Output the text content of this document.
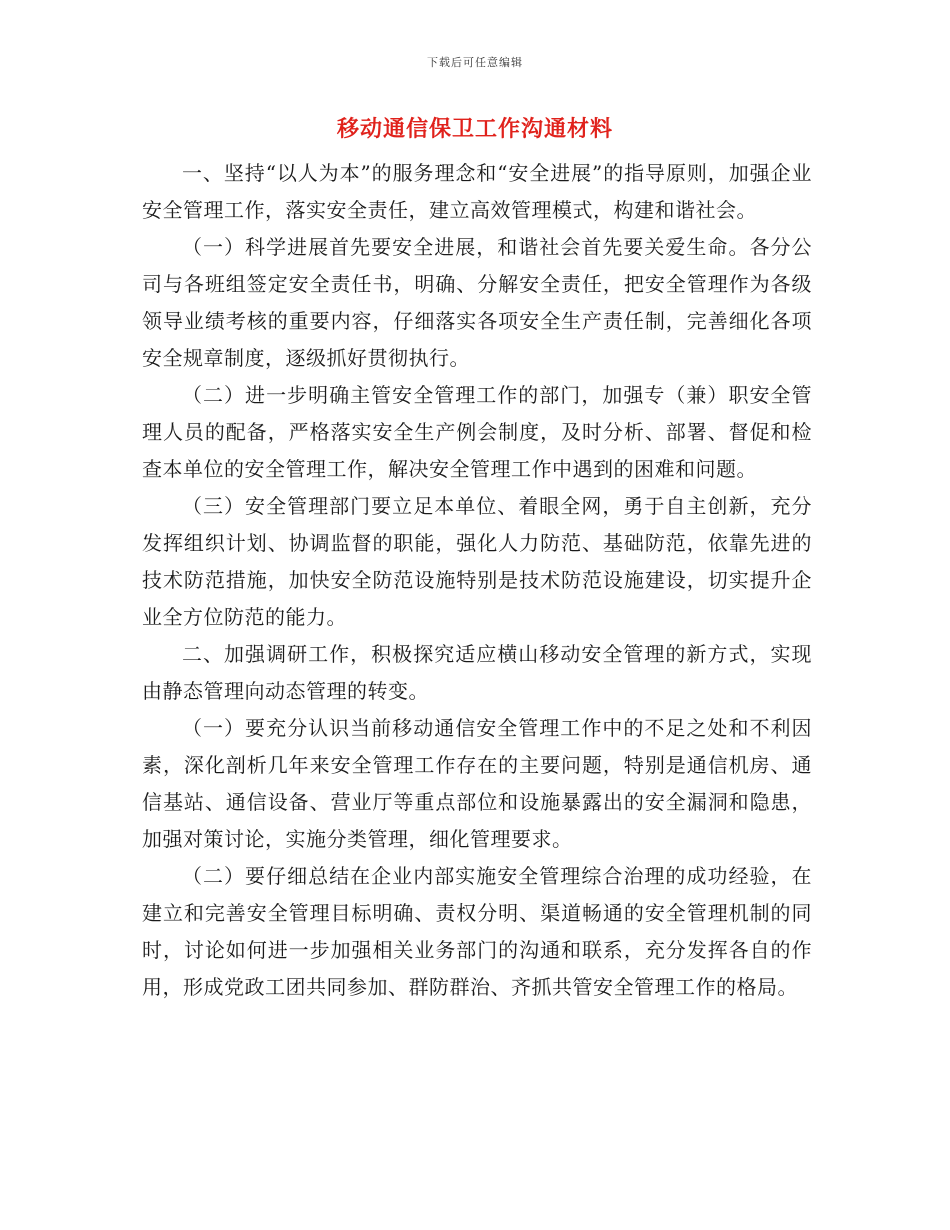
下载后可任意编辑
移动通信保卫工作沟通材料

一、坚持“以人为本”的服务理念和“安全进展”的指导原则，加强企业安全管理工作，落实安全责任，建立高效管理模式，构建和谐社会。

（一）科学进展首先要安全进展，和谐社会首先要关爱生命。各分公司与各班组签定安全责任书，明确、分解安全责任，把安全管理作为各级领导业绩考核的重要内容，仔细落实各项安全生产责任制，完善细化各项安全规章制度，逐级抓好贯彻执行。

（二）进一步明确主管安全管理工作的部门，加强专（兼）职安全管理人员的配备，严格落实安全生产例会制度，及时分析、部署、督促和检查本单位的安全管理工作，解决安全管理工作中遇到的困难和问题。

（三）安全管理部门要立足本单位、着眼全网，勇于自主创新，充分发挥组织计划、协调监督的职能，强化人力防范、基础防范，依靠先进的技术防范措施，加快安全防范设施特别是技术防范设施建设，切实提升企业全方位防范的能力。

二、加强调研工作，积极探究适应横山移动安全管理的新方式，实现由静态管理向动态管理的转变。

（一）要充分认识当前移动通信安全管理工作中的不足之处和不利因素，深化剖析几年来安全管理工作存在的主要问题，特别是通信机房、通信基站、通信设备、营业厅等重点部位和设施暴露出的安全漏洞和隐患，加强对策讨论，实施分类管理，细化管理要求。

（二）要仔细总结在企业内部实施安全管理综合治理的成功经验，在建立和完善安全管理目标明确、责权分明、渠道畅通的安全管理机制的同时，讨论如何进一步加强相关业务部门的沟通和联系，充分发挥各自的作用，形成党政工团共同参加、群防群治、齐抓共管安全管理工作的格局。
